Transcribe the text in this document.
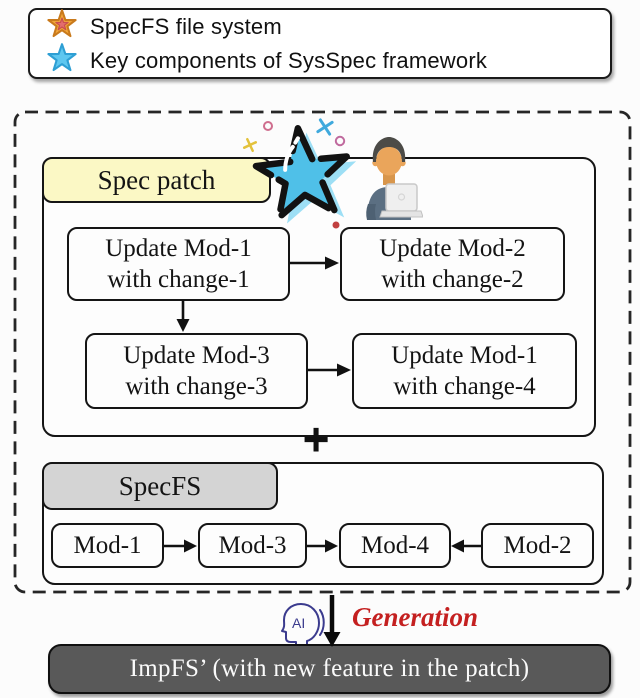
SpecFS file system
Key components of SysSpec framework
Spec patch
Update Mod-1
with change-1
Update Mod-2
with change-2
Update Mod-3
with change-3
Update Mod-1
with change-4
+
SpecFS
Mod-1	Mod-3	Mod-4	Mod-2
AI Generation
ImpFS’ (with new feature in the patch)
